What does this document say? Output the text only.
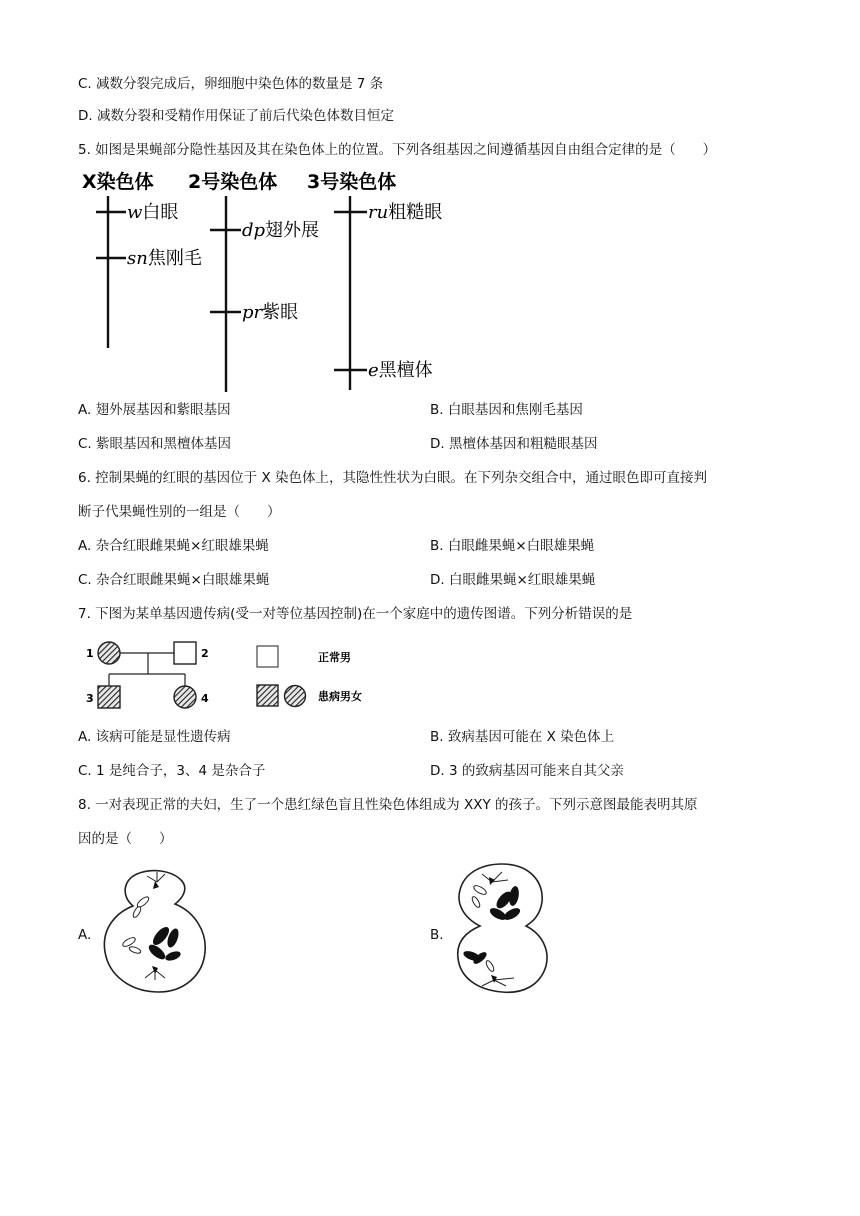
C. 减数分裂完成后，卵细胞中染色体的数量是 7 条
D. 减数分裂和受精作用保证了前后代染色体数目恒定
5. 如图是果蝇部分隐性基因及其在染色体上的位置。下列各组基因之间遵循基因自由组合定律的是（　　）
X染色体 2号染色体 3号染色体
w白眼
sn焦刚毛
dp翅外展
pr紫眼
ru粗糙眼
e黑檀体
A. 翅外展基因和紫眼基因	B. 白眼基因和焦刚毛基因
C. 紫眼基因和黑檀体基因	D. 黑檀体基因和粗糙眼基因
6. 控制果蝇的红眼的基因位于 X 染色体上，其隐性性状为白眼。在下列杂交组合中，通过眼色即可直接判
断子代果蝇性别的一组是（　　）
A. 杂合红眼雌果蝇×红眼雄果蝇	B. 白眼雌果蝇×白眼雄果蝇
C. 杂合红眼雌果蝇×白眼雄果蝇	D. 白眼雌果蝇×红眼雄果蝇
7. 下图为某单基因遗传病(受一对等位基因控制)在一个家庭中的遗传图谱。下列分析错误的是
1	2
3	4
正常男
患病男女
A. 该病可能是显性遗传病	B. 致病基因可能在 X 染色体上
C. 1 是纯合子，3、4 是杂合子	D. 3 的致病基因可能来自其父亲
8. 一对表现正常的夫妇，生了一个患红绿色盲且性染色体组成为 XXY 的孩子。下列示意图最能表明其原
因的是（　　）
A.	B.
